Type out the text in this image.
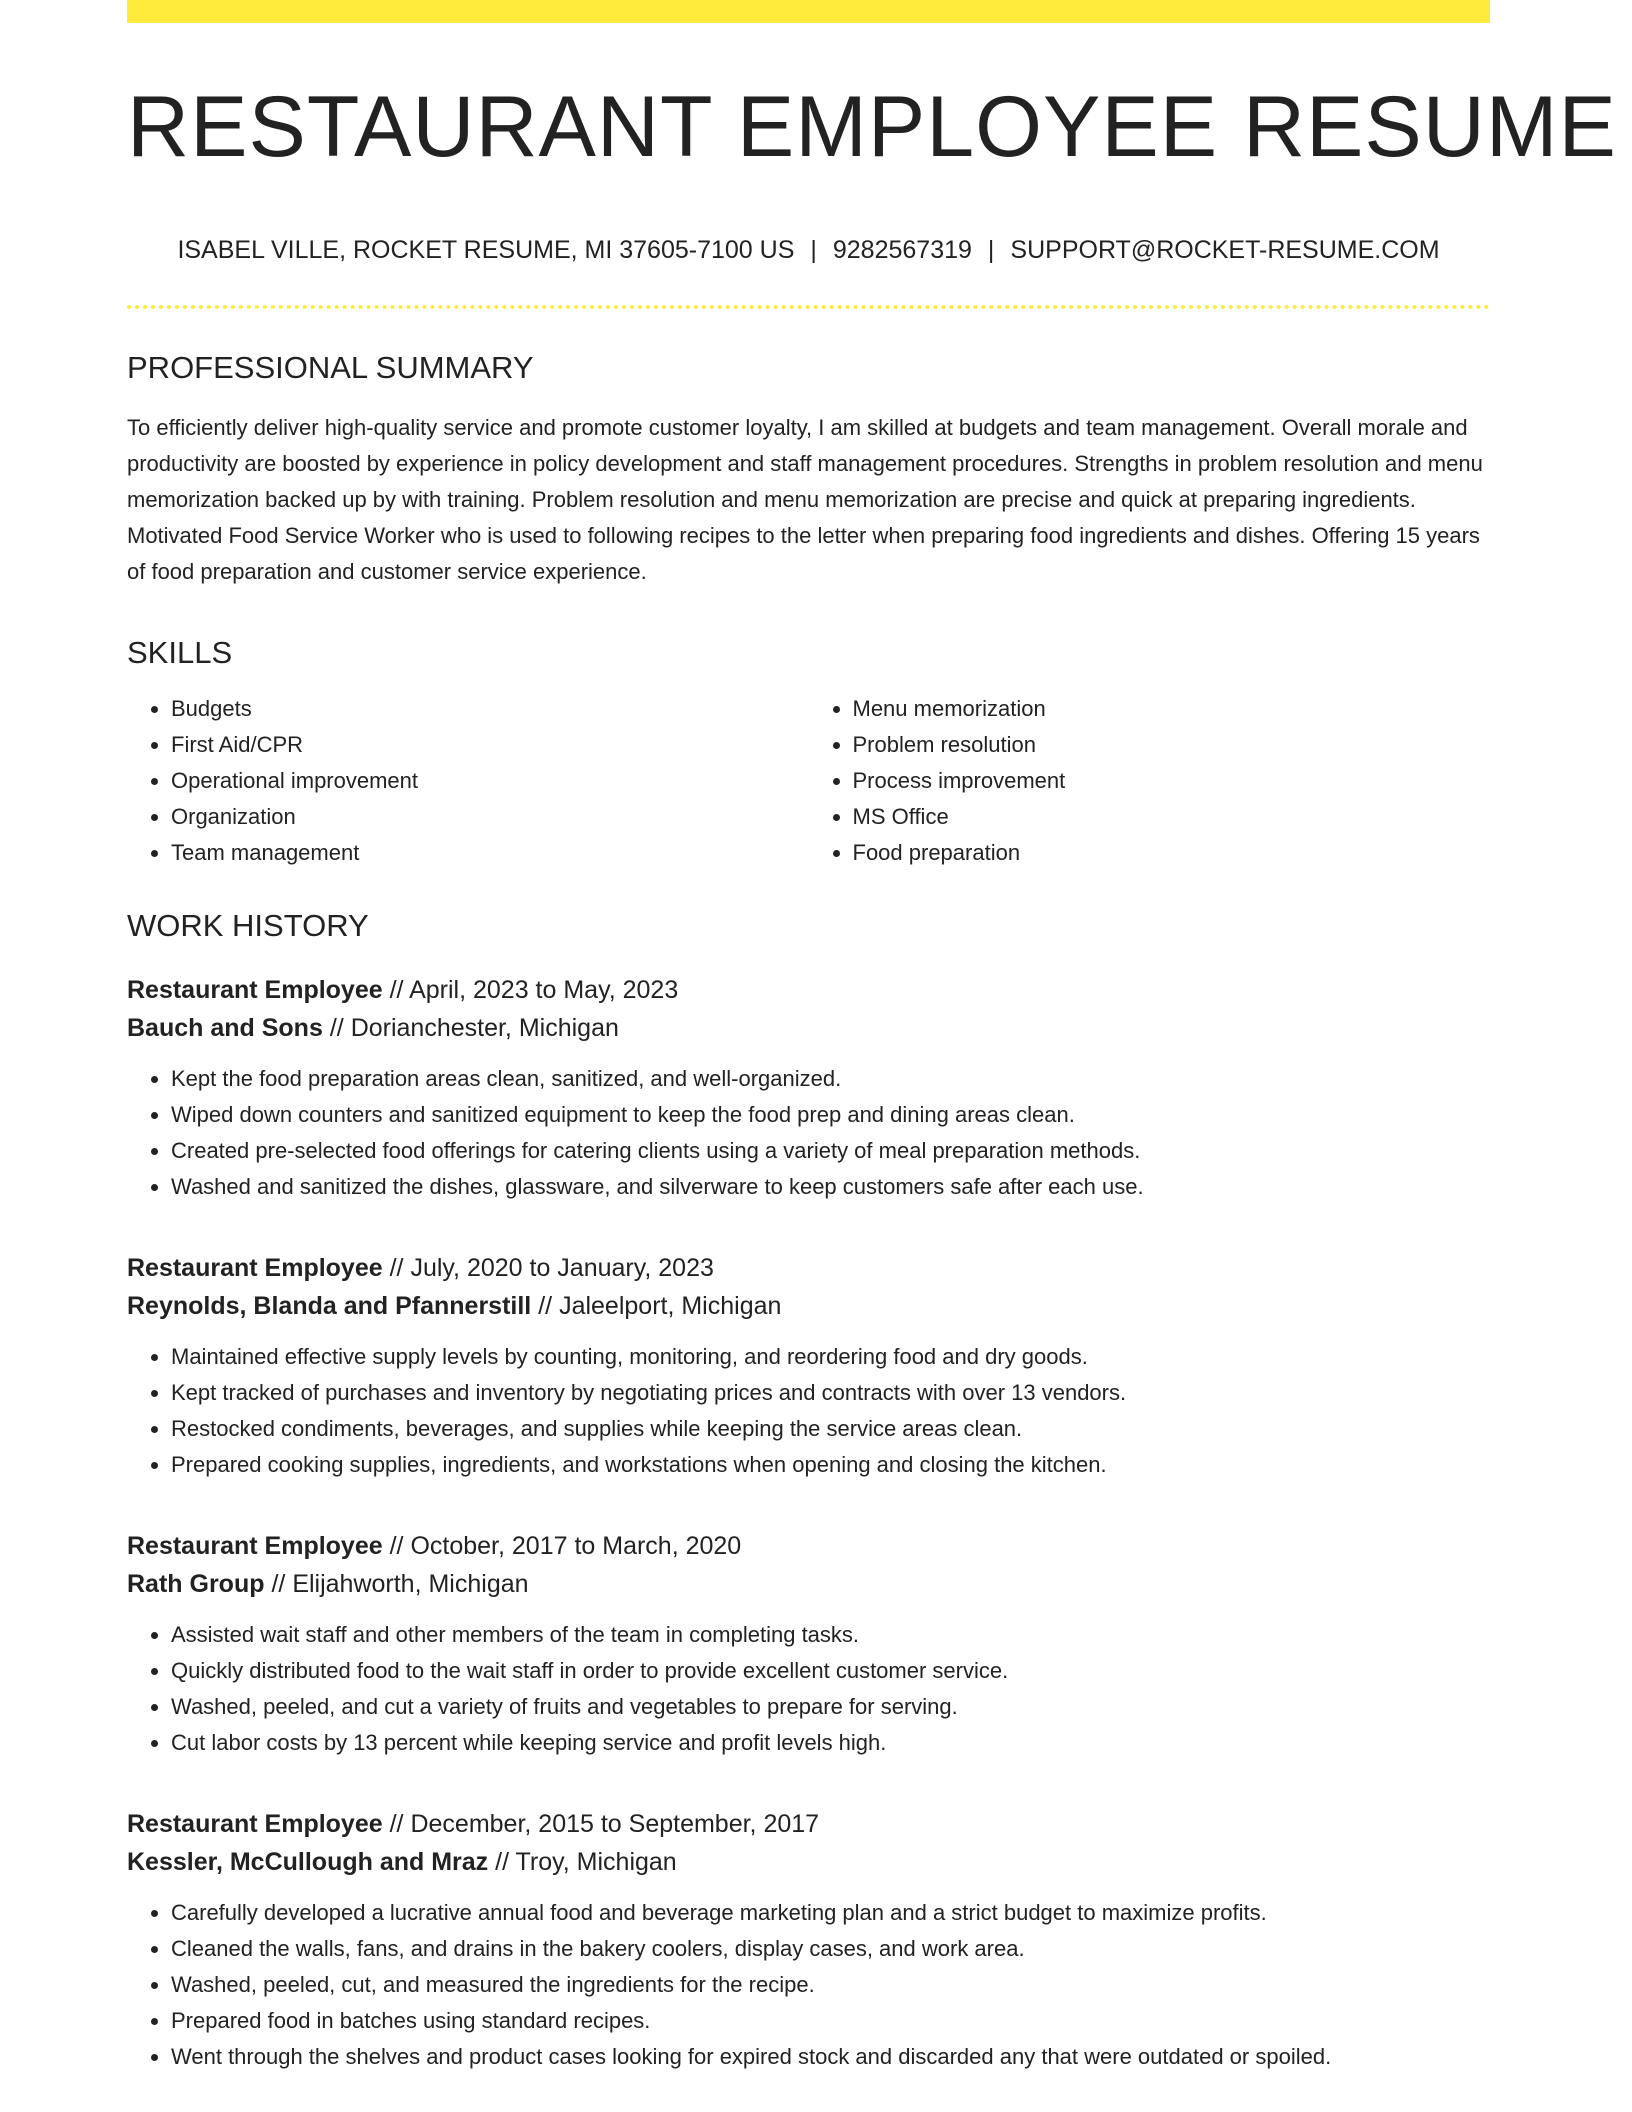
RESTAURANT EMPLOYEE RESUME
ISABEL VILLE, ROCKET RESUME, MI 37605-7100 US | 9282567319 | SUPPORT@ROCKET-RESUME.COM
PROFESSIONAL SUMMARY

To efficiently deliver high-quality service and promote customer loyalty, I am skilled at budgets and team management. Overall morale and productivity are boosted by experience in policy development and staff management procedures. Strengths in problem resolution and menu memorization backed up by with training. Problem resolution and menu memorization are precise and quick at preparing ingredients. Motivated Food Service Worker who is used to following recipes to the letter when preparing food ingredients and dishes. Offering 15 years of food preparation and customer service experience.

SKILLS
• Budgets
• First Aid/CPR
• Operational improvement
• Organization
• Team management
• Menu memorization
• Problem resolution
• Process improvement
• MS Office
• Food preparation
WORK HISTORY
Restaurant Employee // April, 2023 to May, 2023
Bauch and Sons // Dorianchester, Michigan
• Kept the food preparation areas clean, sanitized, and well-organized.
• Wiped down counters and sanitized equipment to keep the food prep and dining areas clean.
• Created pre-selected food offerings for catering clients using a variety of meal preparation methods.
• Washed and sanitized the dishes, glassware, and silverware to keep customers safe after each use.
Restaurant Employee // July, 2020 to January, 2023
Reynolds, Blanda and Pfannerstill // Jaleelport, Michigan
• Maintained effective supply levels by counting, monitoring, and reordering food and dry goods.
• Kept tracked of purchases and inventory by negotiating prices and contracts with over 13 vendors.
• Restocked condiments, beverages, and supplies while keeping the service areas clean.
• Prepared cooking supplies, ingredients, and workstations when opening and closing the kitchen.
Restaurant Employee // October, 2017 to March, 2020
Rath Group // Elijahworth, Michigan
• Assisted wait staff and other members of the team in completing tasks.
• Quickly distributed food to the wait staff in order to provide excellent customer service.
• Washed, peeled, and cut a variety of fruits and vegetables to prepare for serving.
• Cut labor costs by 13 percent while keeping service and profit levels high.
Restaurant Employee // December, 2015 to September, 2017
Kessler, McCullough and Mraz // Troy, Michigan
• Carefully developed a lucrative annual food and beverage marketing plan and a strict budget to maximize profits.
• Cleaned the walls, fans, and drains in the bakery coolers, display cases, and work area.
• Washed, peeled, cut, and measured the ingredients for the recipe.
• Prepared food in batches using standard recipes.
• Went through the shelves and product cases looking for expired stock and discarded any that were outdated or spoiled.
